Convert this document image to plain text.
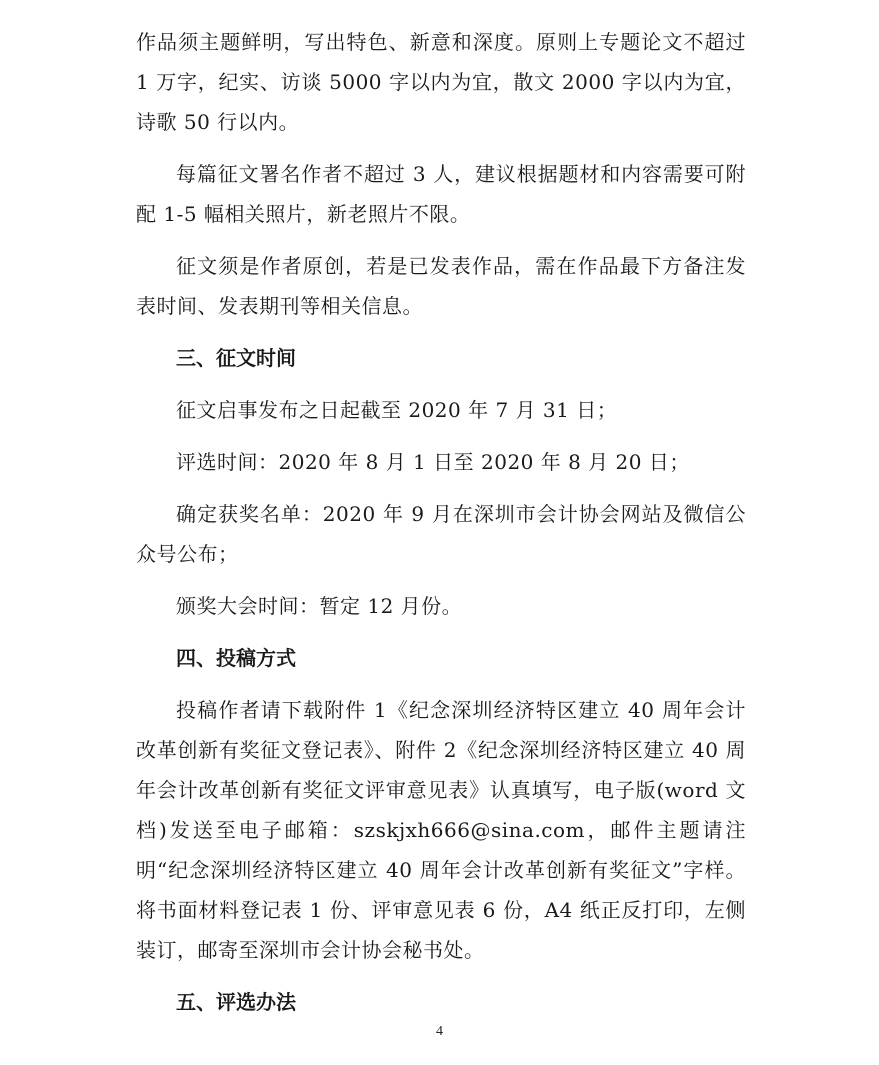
作品须主题鲜明，写出特色、新意和深度。原则上专题论文不超过 1 万字，纪实、访谈 5000 字以内为宜，散文 2000 字以内为宜，诗歌 50 行以内。

每篇征文署名作者不超过 3 人，建议根据题材和内容需要可附配 1-5 幅相关照片，新老照片不限。

征文须是作者原创，若是已发表作品，需在作品最下方备注发表时间、发表期刊等相关信息。

三、征文时间

征文启事发布之日起截至 2020 年 7 月 31 日；

评选时间：2020 年 8 月 1 日至 2020 年 8 月 20 日；

确定获奖名单：2020 年 9 月在深圳市会计协会网站及微信公众号公布；

颁奖大会时间：暂定 12 月份。

四、投稿方式

投稿作者请下载附件 1《纪念深圳经济特区建立 40 周年会计改革创新有奖征文登记表》、附件 2《纪念深圳经济特区建立 40 周年会计改革创新有奖征文评审意见表》认真填写，电子版(word 文档)发送至电子邮箱：szskjxh666@sina.com，邮件主题请注明“纪念深圳经济特区建立 40 周年会计改革创新有奖征文”字样。将书面材料登记表 1 份、评审意见表 6 份，A4 纸正反打印，左侧装订，邮寄至深圳市会计协会秘书处。

五、评选办法
4
